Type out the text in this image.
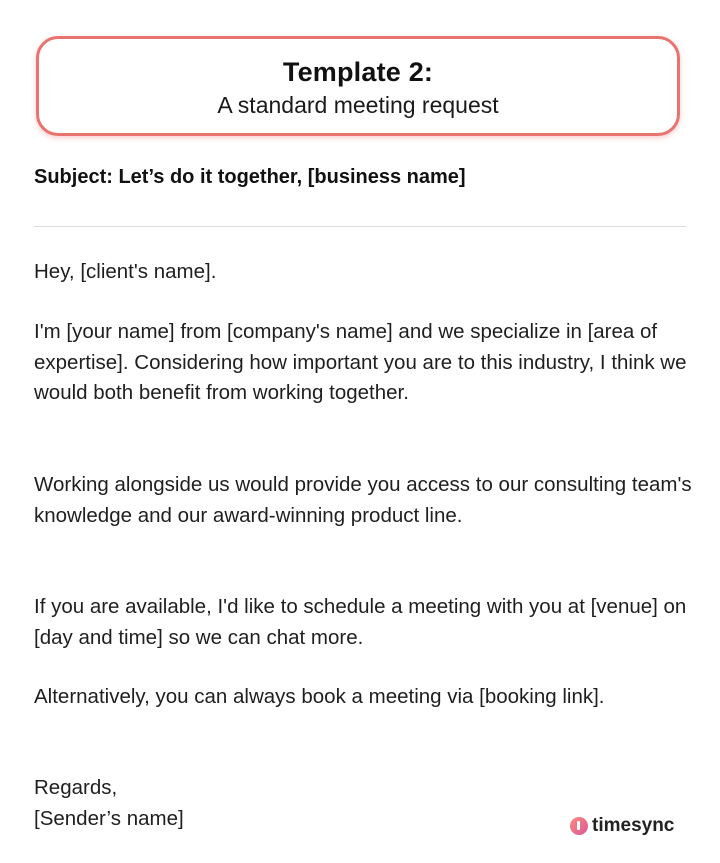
Template 2:
A standard meeting request
Subject: Let’s do it together, [business name]

Hey, [client's name].

I'm [your name] from [company's name] and we specialize in [area of expertise]. Considering how important you are to this industry, I think we would both benefit from working together.

Working alongside us would provide you access to our consulting team's knowledge and our award-winning product line.

If you are available, I'd like to schedule a meeting with you at [venue] on [day and time] so we can chat more.

Alternatively, you can always book a meeting via [booking link].

Regards,
[Sender’s name]	timesync
